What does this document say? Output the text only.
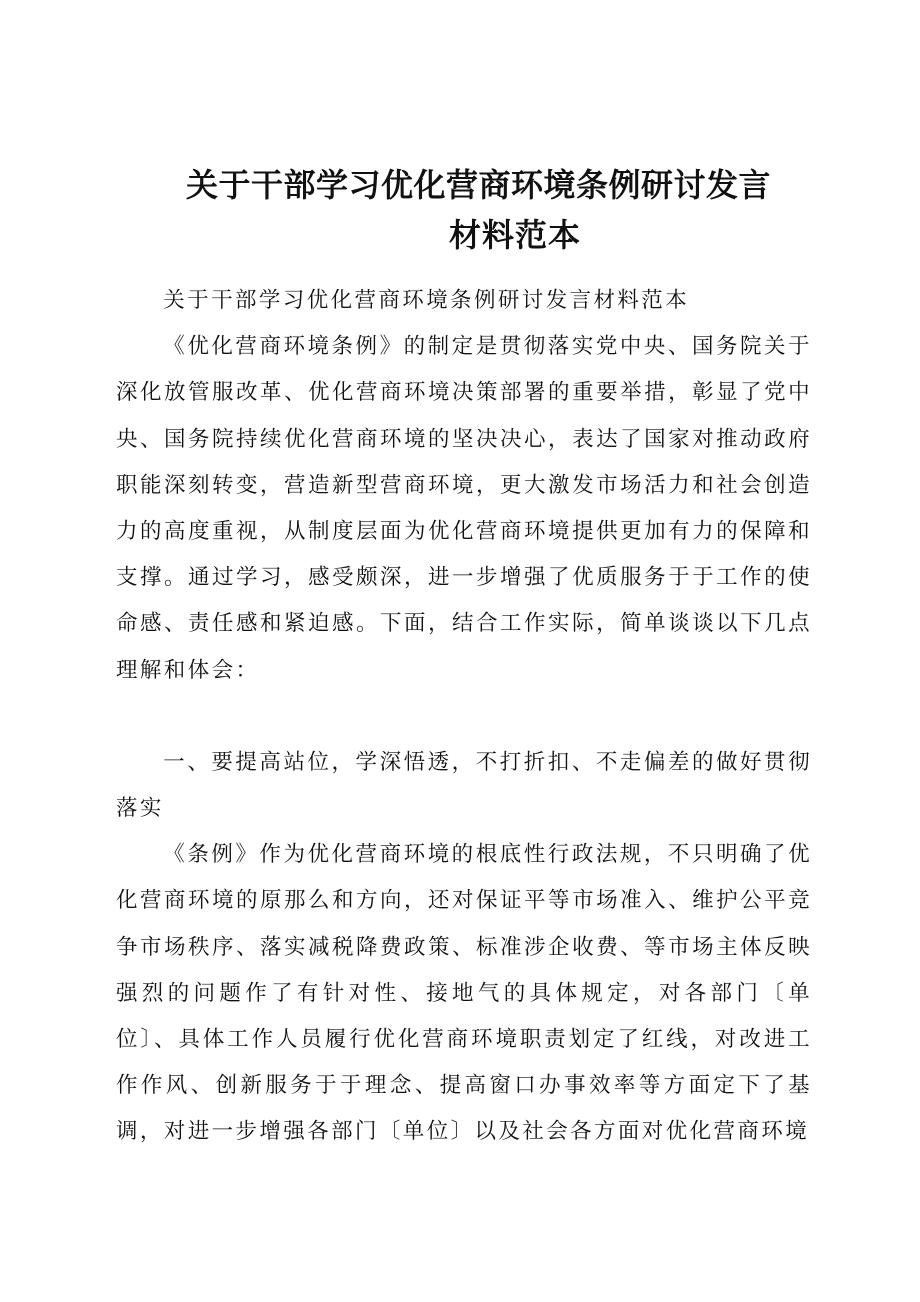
关于干部学习优化营商环境条例研讨发言
材料范本

关于干部学习优化营商环境条例研讨发言材料范本

《优化营商环境条例》的制定是贯彻落实党中央、国务院关于深化放管服改革、优化营商环境决策部署的重要举措，彰显了党中央、国务院持续优化营商环境的坚决决心，表达了国家对推动政府职能深刻转变，营造新型营商环境，更大激发市场活力和社会创造力的高度重视，从制度层面为优化营商环境提供更加有力的保障和支撑。通过学习，感受颇深，进一步增强了优质服务于于工作的使命感、责任感和紧迫感。下面，结合工作实际，简单谈谈以下几点理解和体会：

一、要提高站位，学深悟透，不打折扣、不走偏差的做好贯彻落实

《条例》作为优化营商环境的根底性行政法规，不只明确了优化营商环境的原那么和方向，还对保证平等市场准入、维护公平竞争市场秩序、落实减税降费政策、标准涉企收费、等市场主体反映强烈的问题作了有针对性、接地气的具体规定，对各部门〔单位〕、具体工作人员履行优化营商环境职责划定了红线，对改进工作作风、创新服务于于理念、提高窗口办事效率等方面定下了基调，对进一步增强各部门〔单位〕以及社会各方面对优化营商环境
